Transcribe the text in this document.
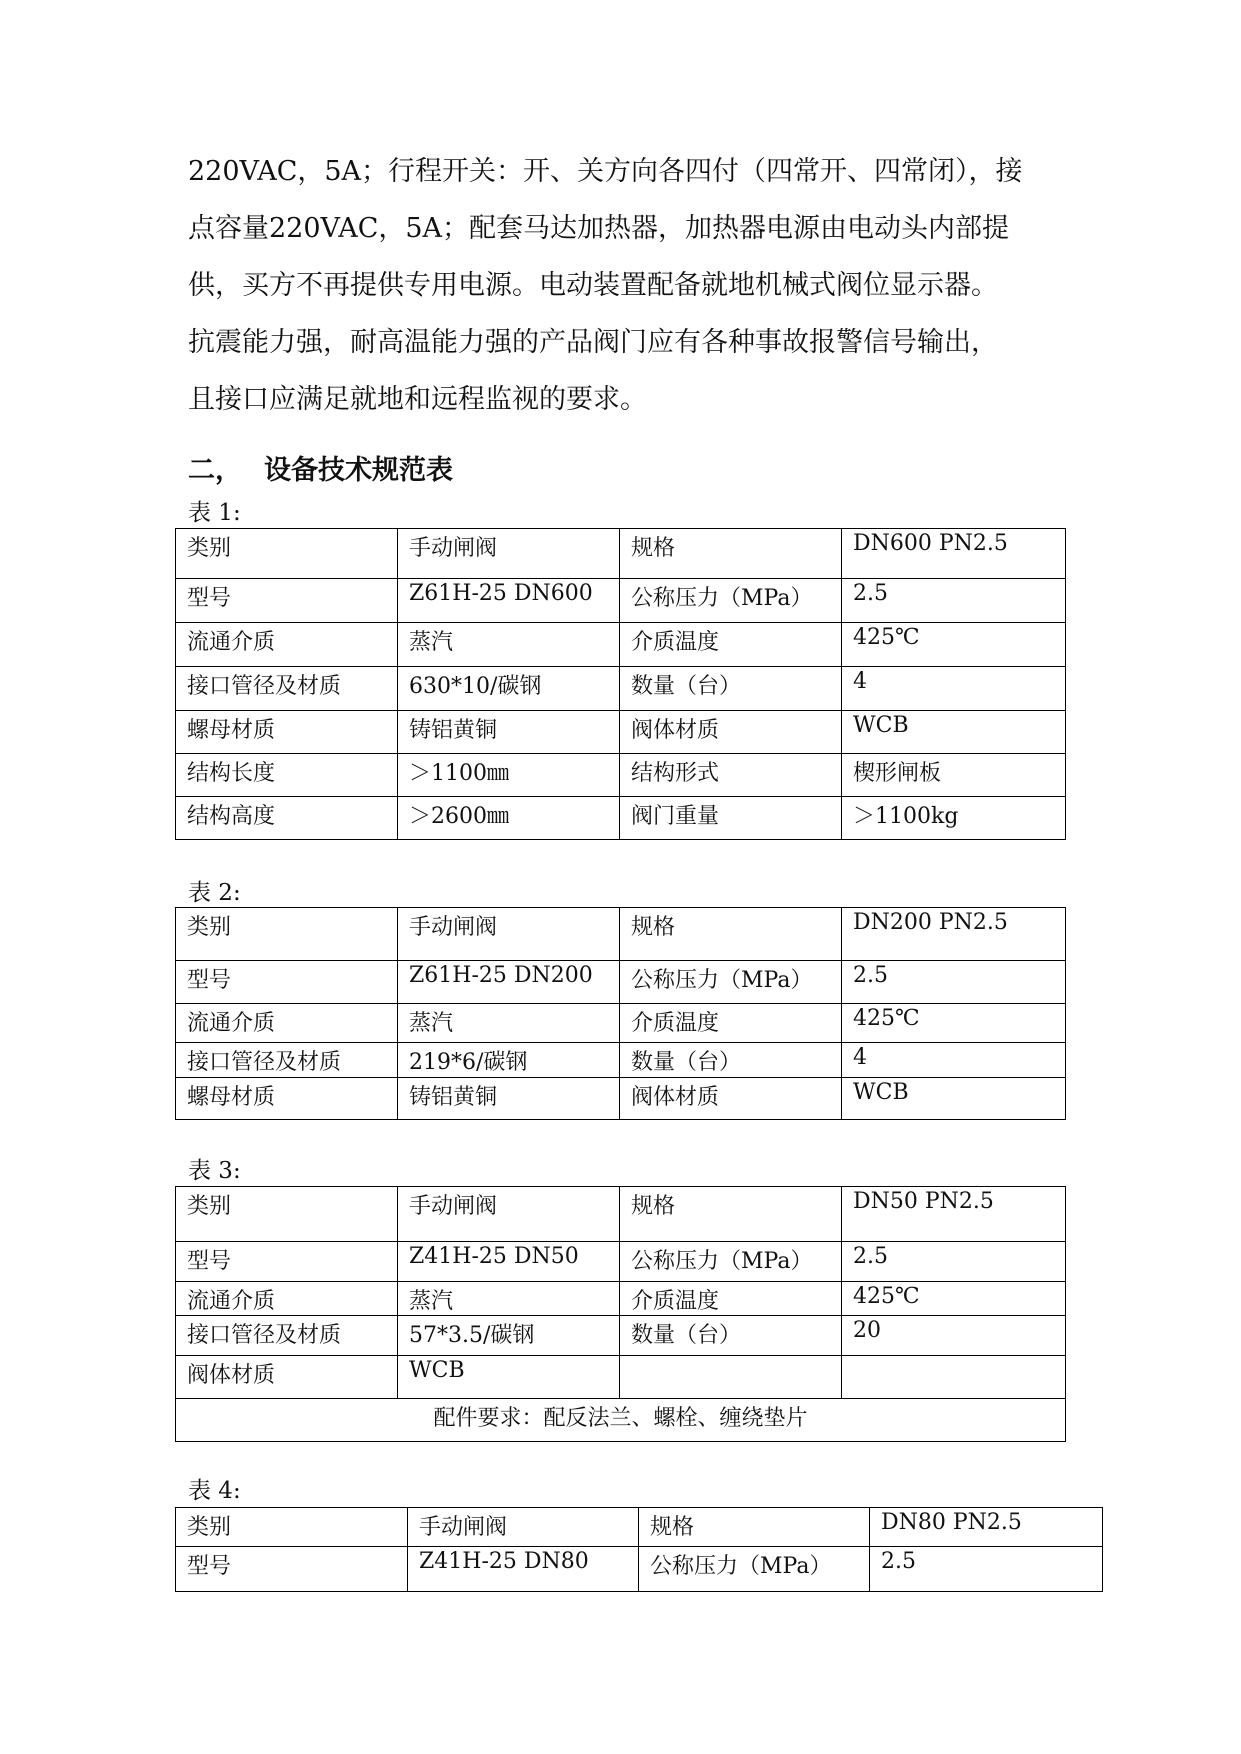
220VAC，5A；行程开关：开、关方向各四付（四常开、四常闭），接
点容量220VAC，5A；配套马达加热器，加热器电源由电动头内部提
供，买方不再提供专用电源。电动装置配备就地机械式阀位显示器。
抗震能力强，耐高温能力强的产品阀门应有各种事故报警信号输出，
且接口应满足就地和远程监视的要求。
二， 设备技术规范表
表 1:
类别	手动闸阀	规格	DN600 PN2.5
型号	Z61H-25 DN600	公称压力（MPa）	2.5
流通介质	蒸汽	介质温度	425℃
接口管径及材质	630*10/碳钢	数量（台）	4
螺母材质	铸铝黄铜	阀体材质	WCB
结构长度	＞1100㎜	结构形式	楔形闸板
结构高度	＞2600㎜	阀门重量	＞1100kg
表 2:
类别	手动闸阀	规格	DN200 PN2.5
型号	Z61H-25 DN200	公称压力（MPa）	2.5
流通介质	蒸汽	介质温度	425℃
接口管径及材质	219*6/碳钢	数量（台）	4
螺母材质	铸铝黄铜	阀体材质	WCB
表 3:
类别	手动闸阀	规格	DN50 PN2.5
型号	Z41H-25 DN50	公称压力（MPa）	2.5
流通介质	蒸汽	介质温度	425℃
接口管径及材质	57*3.5/碳钢	数量（台）	20
阀体材质	WCB		
配件要求：配反法兰、螺栓、缠绕垫片			
表 4:
类别	手动闸阀	规格	DN80 PN2.5
型号	Z41H-25 DN80	公称压力（MPa）	2.5
